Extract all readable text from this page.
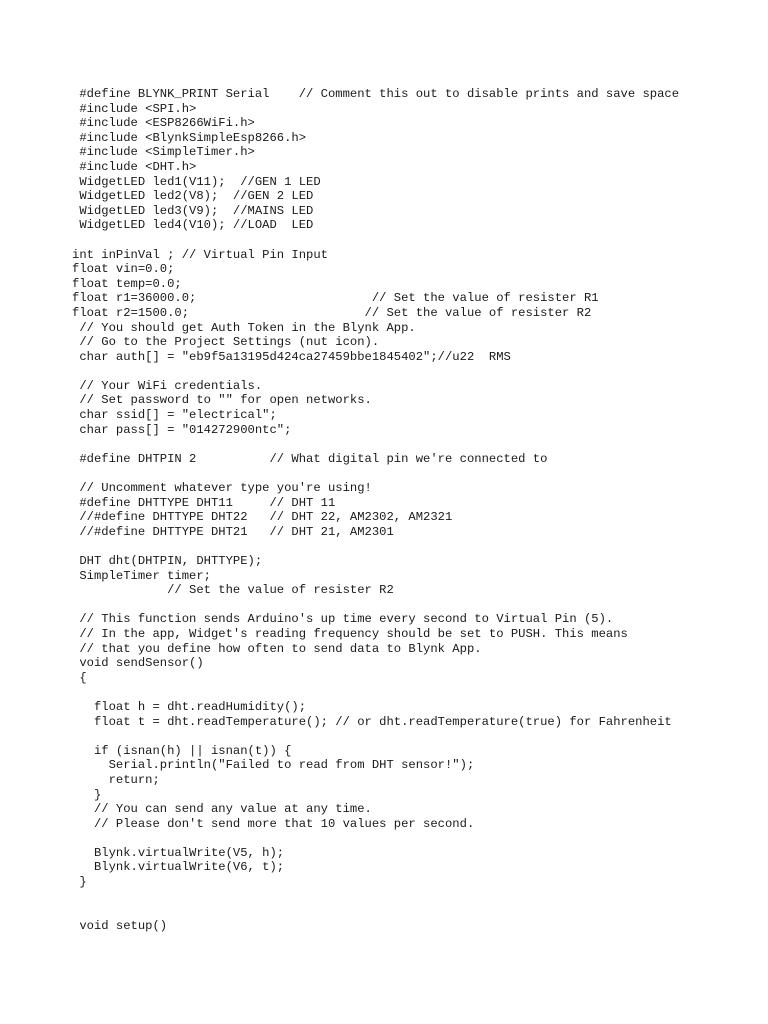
#define BLYNK_PRINT Serial    // Comment this out to disable prints and save space
#include <SPI.h>
#include <ESP8266WiFi.h>
#include <BlynkSimpleEsp8266.h>
#include <SimpleTimer.h>
#include <DHT.h>
WidgetLED led1(V11);  //GEN 1 LED
WidgetLED led2(V8);  //GEN 2 LED
WidgetLED led3(V9);  //MAINS LED
WidgetLED led4(V10); //LOAD  LED
int inPinVal ; // Virtual Pin Input
float vin=0.0;
float temp=0.0;
float r1=36000.0;                        // Set the value of resister R1
float r2=1500.0;                        // Set the value of resister R2
// You should get Auth Token in the Blynk App.
// Go to the Project Settings (nut icon).
char auth[] = "eb9f5a13195d424ca27459bbe1845402";//u22  RMS
// Your WiFi credentials.
// Set password to "" for open networks.
char ssid[] = "electrical";
char pass[] = "014272900ntc";
#define DHTPIN 2          // What digital pin we're connected to
// Uncomment whatever type you're using!
#define DHTTYPE DHT11     // DHT 11
//#define DHTTYPE DHT22   // DHT 22, AM2302, AM2321
//#define DHTTYPE DHT21   // DHT 21, AM2301
DHT dht(DHTPIN, DHTTYPE);
SimpleTimer timer;
// Set the value of resister R2
// This function sends Arduino's up time every second to Virtual Pin (5).
// In the app, Widget's reading frequency should be set to PUSH. This means
// that you define how often to send data to Blynk App.
void sendSensor()
{
float h = dht.readHumidity();
float t = dht.readTemperature(); // or dht.readTemperature(true) for Fahrenheit
if (isnan(h) || isnan(t)) {
Serial.println("Failed to read from DHT sensor!");
return;
}
// You can send any value at any time.
// Please don't send more that 10 values per second.
Blynk.virtualWrite(V5, h);
Blynk.virtualWrite(V6, t);
}
void setup()
